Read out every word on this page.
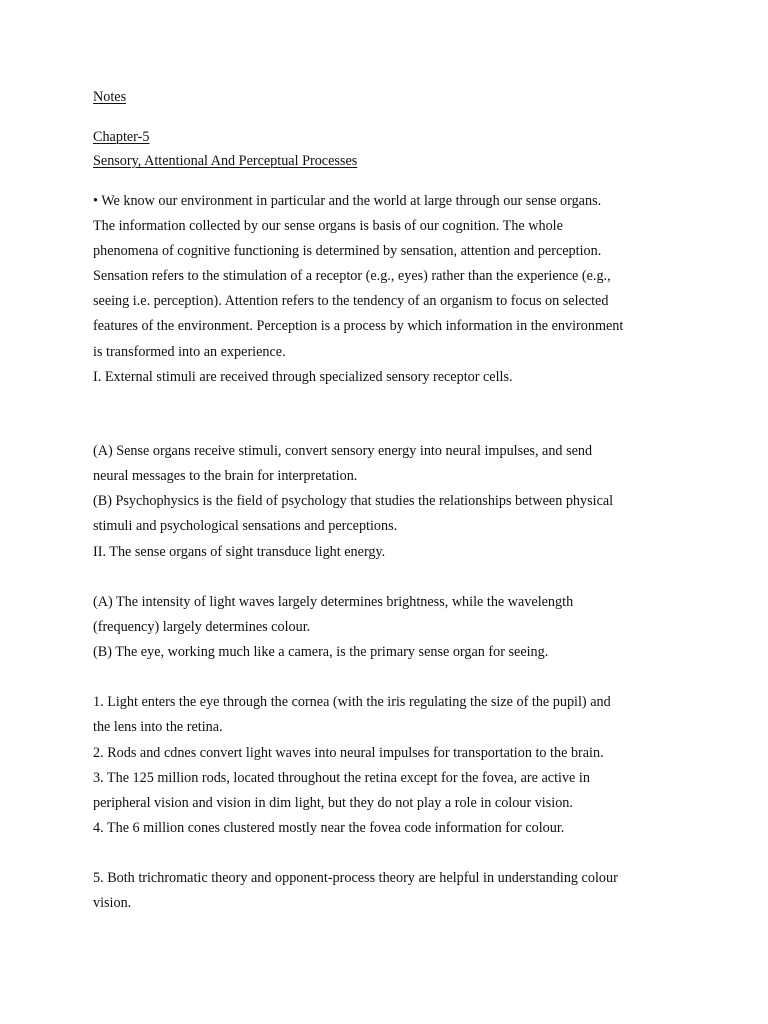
Notes
Chapter-5
Sensory, Attentional And Perceptual Processes
• We know our environment in particular and the world at large through our sense organs.
The information collected by our sense organs is basis of our cognition. The whole
phenomena of cognitive functioning is determined by sensation, attention and perception.
Sensation refers to the stimulation of a receptor (e.g., eyes) rather than the experience (e.g.,
seeing i.e. perception). Attention refers to the tendency of an organism to focus on selected
features of the environment. Perception is a process by which information in the environment
is transformed into an experience.
I. External stimuli are received through specialized sensory receptor cells.
(A) Sense organs receive stimuli, convert sensory energy into neural impulses, and send
neural messages to the brain for interpretation.
(B) Psychophysics is the field of psychology that studies the relationships between physical
stimuli and psychological sensations and perceptions.
II. The sense organs of sight transduce light energy.
(A) The intensity of light waves largely determines brightness, while the wavelength
(frequency) largely determines colour.
(B) The eye, working much like a camera, is the primary sense organ for seeing.
1. Light enters the eye through the cornea (with the iris regulating the size of the pupil) and
the lens into the retina.
2. Rods and cdnes convert light waves into neural impulses for transportation to the brain.
3. The 125 million rods, located throughout the retina except for the fovea, are active in
peripheral vision and vision in dim light, but they do not play a role in colour vision.
4. The 6 million cones clustered mostly near the fovea code information for colour.
5. Both trichromatic theory and opponent-process theory are helpful in understanding colour
vision.
